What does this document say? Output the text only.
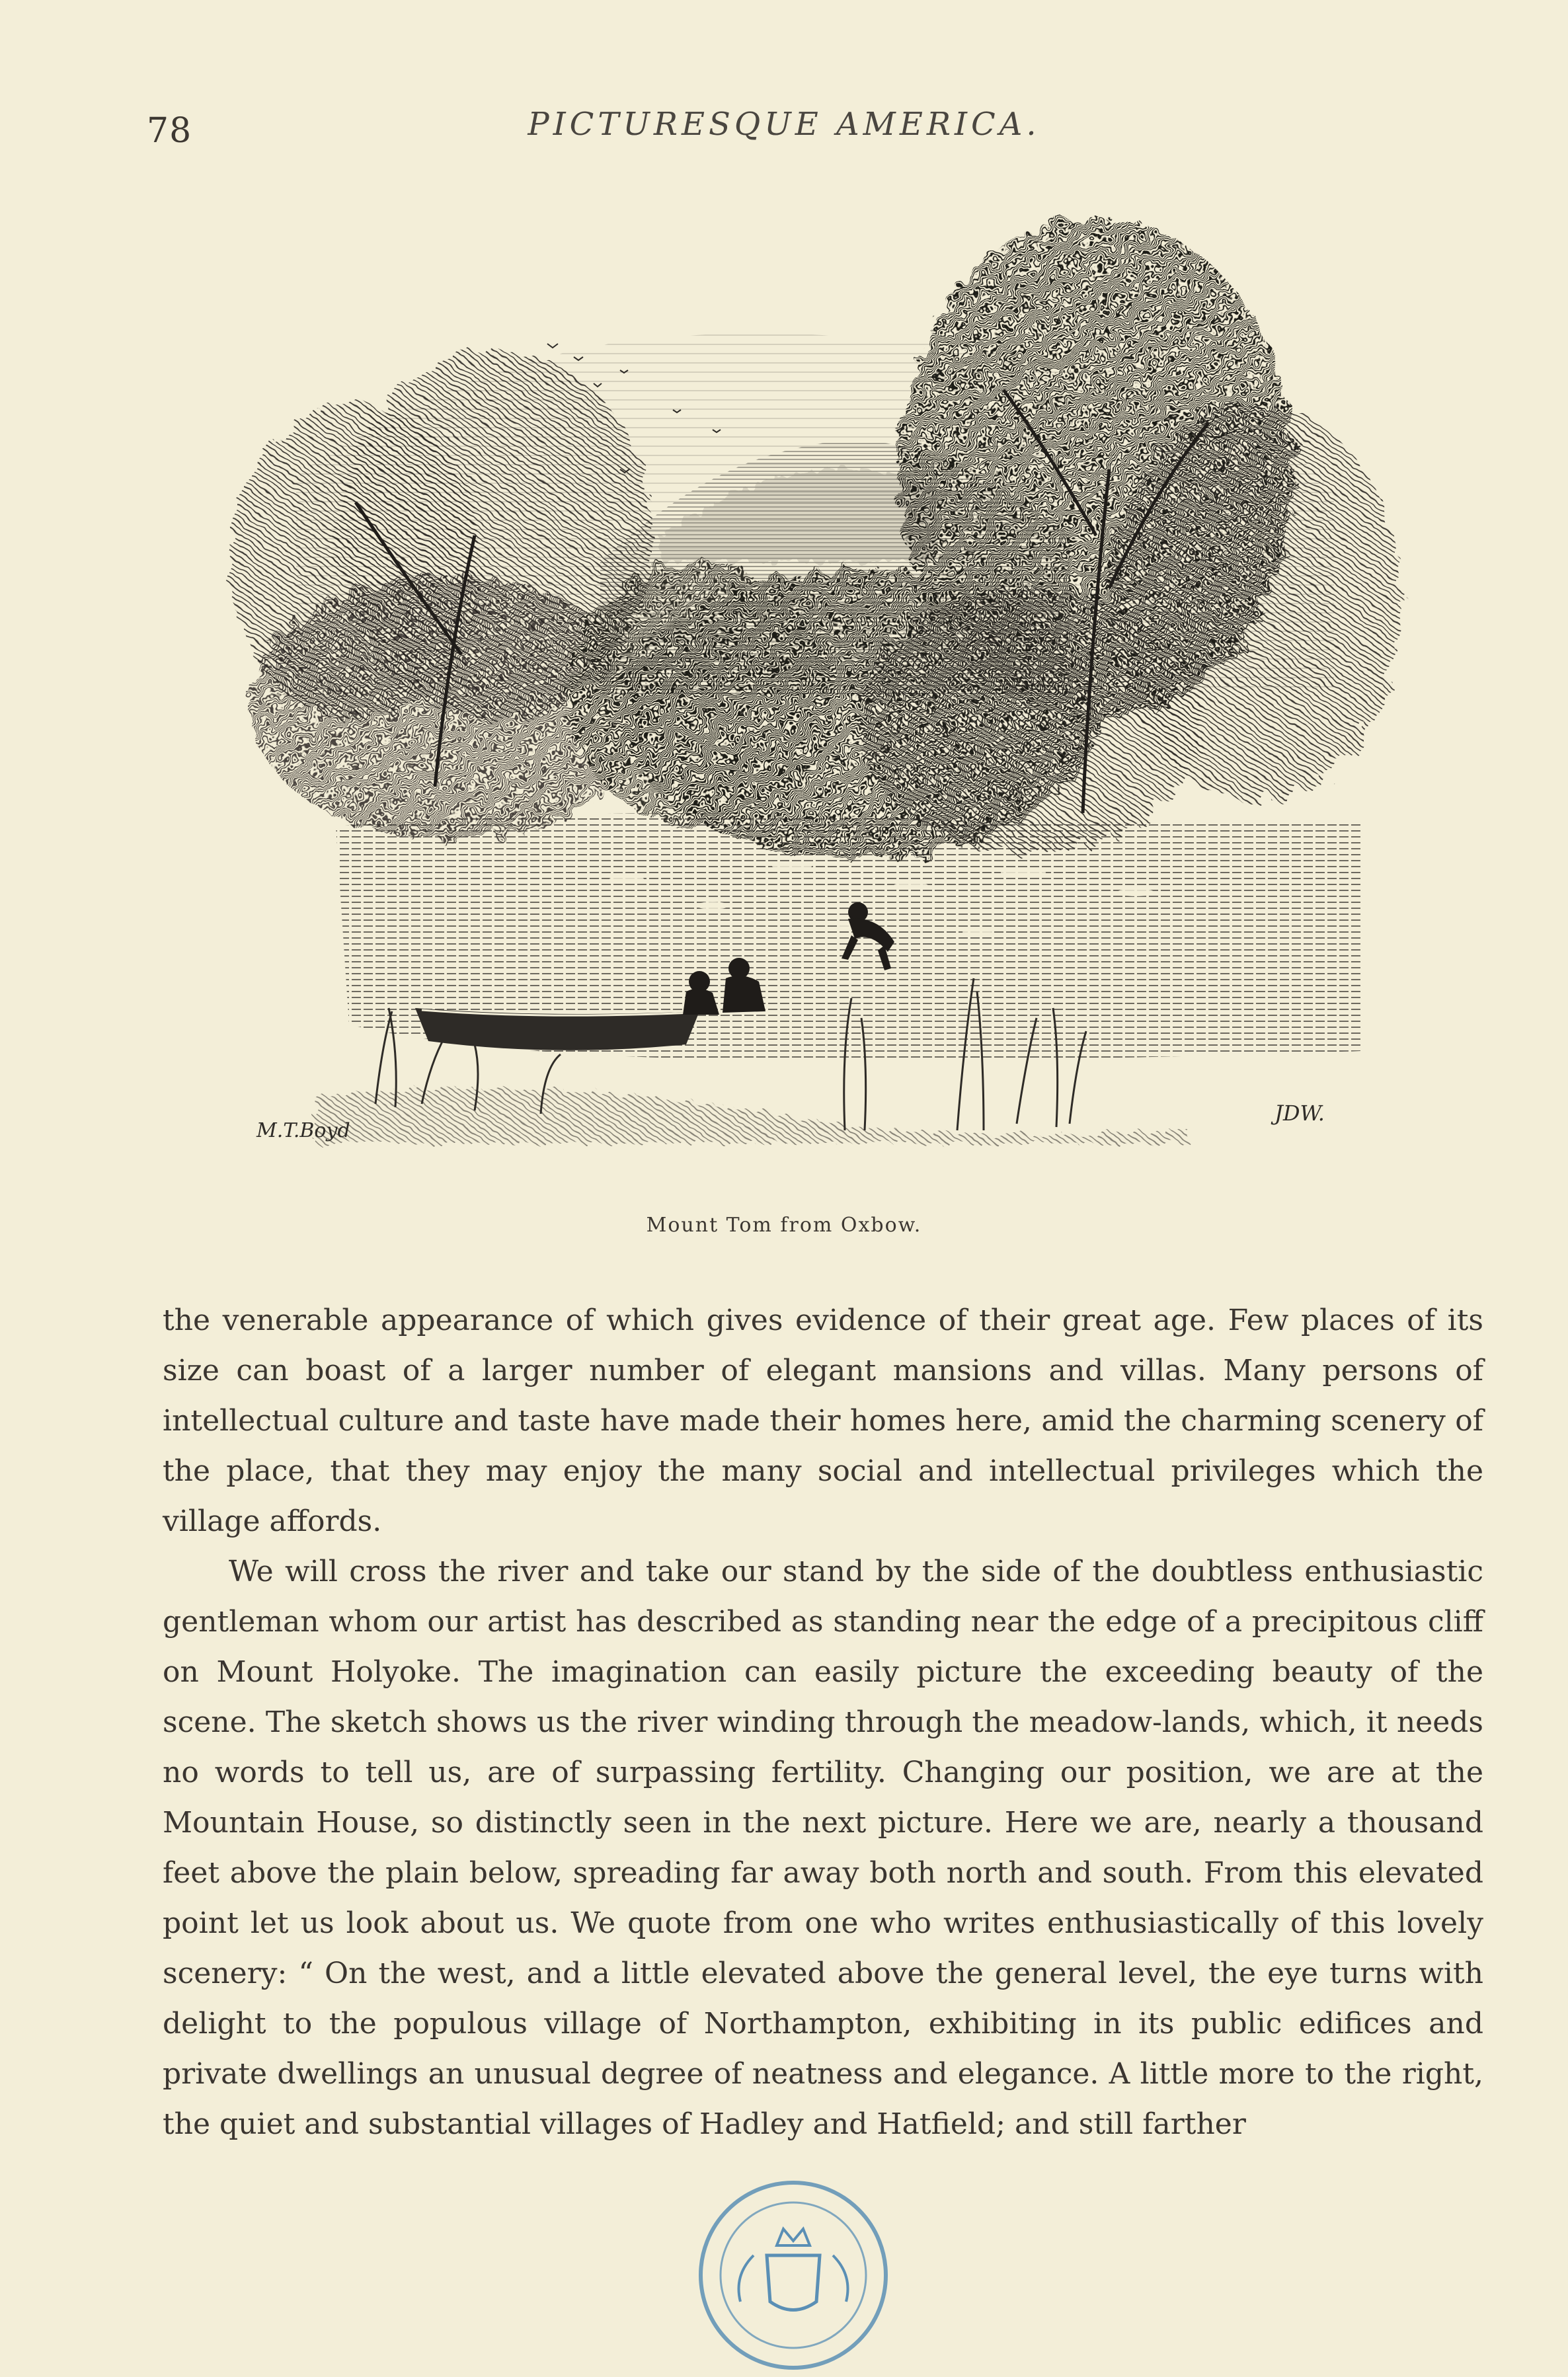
78	PICTURESQUE AMERICA.
M.T.Boyd
JDW.
Mount Tom from Oxbow.

the venerable appearance of which gives evidence of their great age. Few places of its size can boast of a larger number of elegant mansions and villas. Many persons of intellectual culture and taste have made their homes here, amid the charming scenery of the place, that they may enjoy the many social and intellectual privileges which the village affords.

We will cross the river and take our stand by the side of the doubtless enthusiastic gentleman whom our artist has described as standing near the edge of a precipitous cliff on Mount Holyoke. The imagination can easily picture the exceeding beauty of the scene. The sketch shows us the river winding through the meadow-lands, which, it needs no words to tell us, are of surpassing fertility. Changing our position, we are at the Mountain House, so distinctly seen in the next picture. Here we are, nearly a thousand feet above the plain below, spreading far away both north and south. From this elevated point let us look about us. We quote from one who writes enthusiastically of this lovely scenery: “ On the west, and a little elevated above the general level, the eye turns with delight to the populous village of Northampton, exhibiting in its public edifices and private dwellings an unusual degree of neatness and elegance. A little more to the right, the quiet and substantial villages of Hadley and Hatfield; and still farther
